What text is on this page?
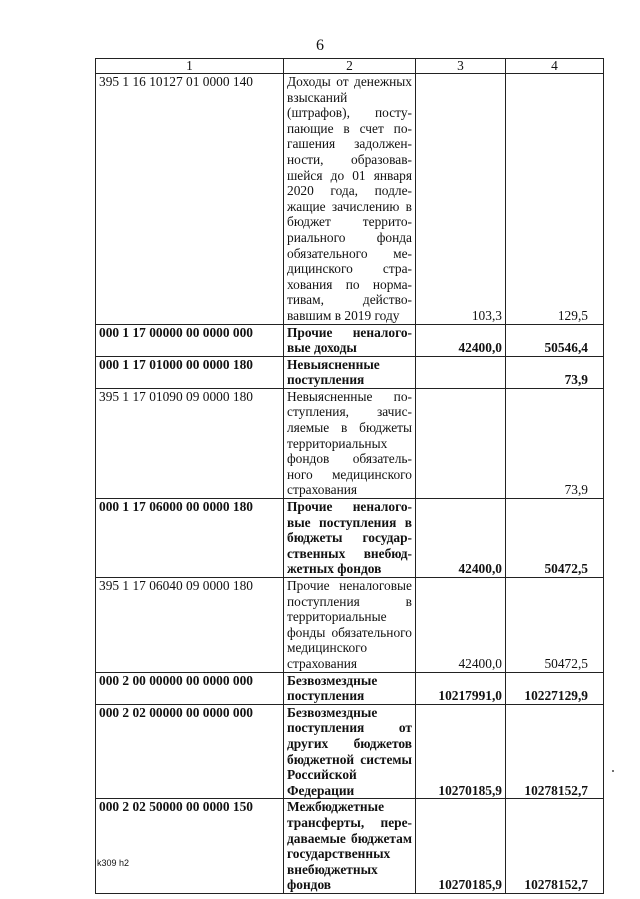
6
1	2	3	4
395 1 16 10127 01 0000 140	Доходы от денежных взысканий (штрафов), поступающие в счет погашения задолженности, образовавшейся до 01 января 2020 года, подлежащие зачислению в бюджет территориального фонда обязательного медицинского страхования по нормативам, действовавшим в 2019 году	103,3	129,5
000 1 17 00000 00 0000 000	Прочие неналоговые доходы	42400,0	50546,4
000 1 17 01000 00 0000 180	Невыясненные поступления		73,9
395 1 17 01090 09 0000 180	Невыясненные поступления, зачисляемые в бюджеты территориальных фондов обязательного медицинского страхования		73,9
000 1 17 06000 00 0000 180	Прочие неналоговые поступления в бюджеты государственных внебюджетных фондов	42400,0	50472,5
395 1 17 06040 09 0000 180	Прочие неналоговые поступления в территориальные фонды обязательного медицинского страхования	42400,0	50472,5
000 2 00 00000 00 0000 000	Безвозмездные поступления	10217991,0	10227129,9
000 2 02 00000 00 0000 000	Безвозмездные поступления от других бюджетов бюджетной системы Российской Федерации	10270185,9	10278152,7
000 2 02 50000 00 0000 150	Межбюджетные трансферты, передаваемые бюджетам государственных внебюджетных фондов	10270185,9	10278152,7
k309 h2
